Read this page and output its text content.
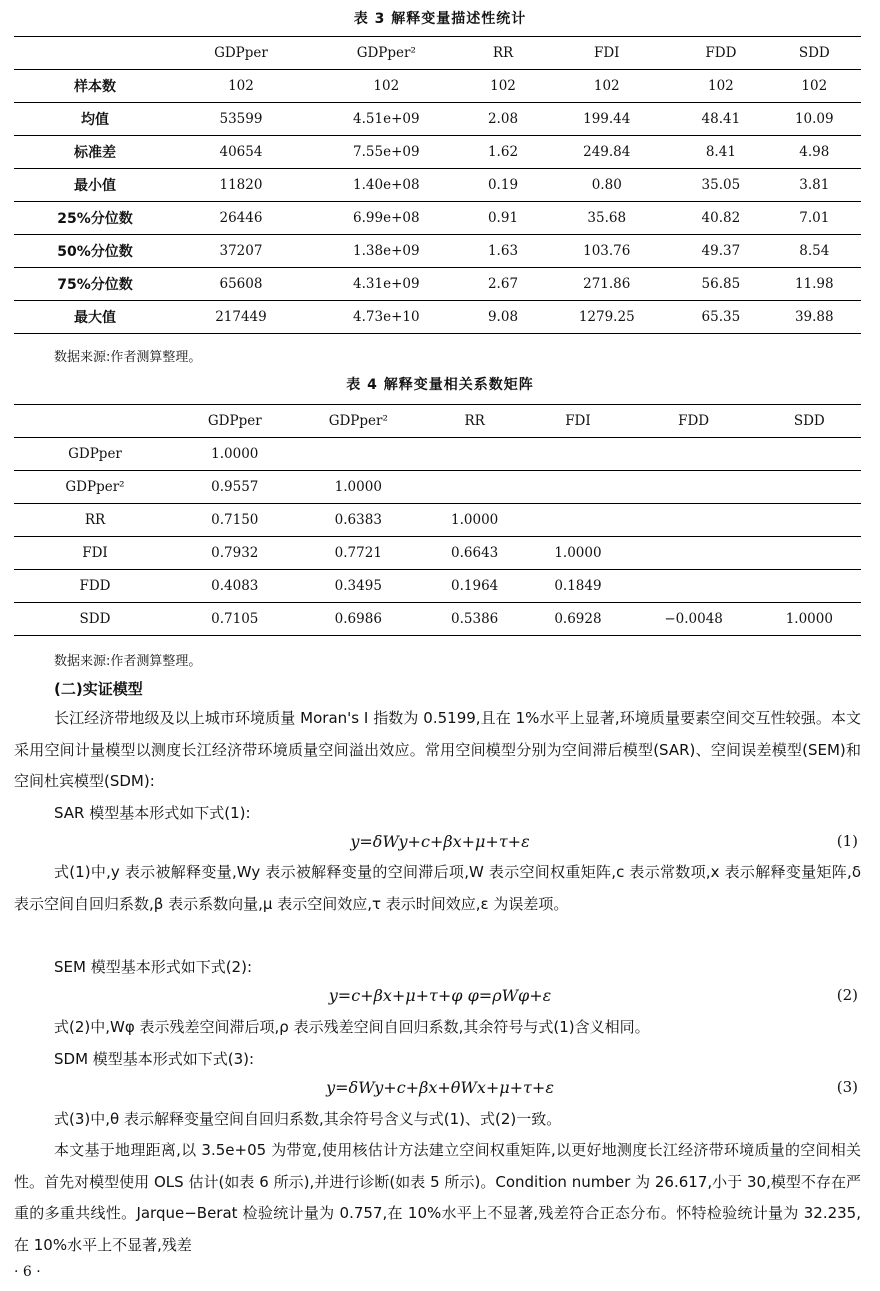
表 3 解释变量描述性统计
	GDPper	GDPper²	RR	FDI	FDD	SDD
样本数	102	102	102	102	102	102
均值	53599	4.51e+09	2.08	199.44	48.41	10.09
标准差	40654	7.55e+09	1.62	249.84	8.41	4.98
最小值	11820	1.40e+08	0.19	0.80	35.05	3.81
25%分位数	26446	6.99e+08	0.91	35.68	40.82	7.01
50%分位数	37207	1.38e+09	1.63	103.76	49.37	8.54
75%分位数	65608	4.31e+09	2.67	271.86	56.85	11.98
最大值	217449	4.73e+10	9.08	1279.25	65.35	39.88
数据来源:作者测算整理。
表 4 解释变量相关系数矩阵
	GDPper	GDPper²	RR	FDI	FDD	SDD
GDPper	1.0000					
GDPper²	0.9557	1.0000				
RR	0.7150	0.6383	1.0000			
FDI	0.7932	0.7721	0.6643	1.0000		
FDD	0.4083	0.3495	0.1964	0.1849		
SDD	0.7105	0.6986	0.5386	0.6928	−0.0048	1.0000
数据来源:作者测算整理。
(二)实证模型
长江经济带地级及以上城市环境质量 Moran's I 指数为 0.5199,且在 1%水平上显著,环境质量要素空间交互性较强。本文采用空间计量模型以测度长江经济带环境质量空间溢出效应。常用空间模型分别为空间滞后模型(SAR)、空间误差模型(SEM)和空间杜宾模型(SDM):
SAR 模型基本形式如下式(1):
y=δWy+c+βx+μ+τ+ε	(1)
式(1)中,y 表示被解释变量,Wy 表示被解释变量的空间滞后项,W 表示空间权重矩阵,c 表示常数项,x 表示解释变量矩阵,δ 表示空间自回归系数,β 表示系数向量,μ 表示空间效应,τ 表示时间效应,ε 为误差项。
SEM 模型基本形式如下式(2):
y=c+βx+μ+τ+φ φ=ρWφ+ε	(2)
式(2)中,Wφ 表示残差空间滞后项,ρ 表示残差空间自回归系数,其余符号与式(1)含义相同。
SDM 模型基本形式如下式(3):
y=δWy+c+βx+θWx+μ+τ+ε	(3)
式(3)中,θ 表示解释变量空间自回归系数,其余符号含义与式(1)、式(2)一致。
本文基于地理距离,以 3.5e+05 为带宽,使用核估计方法建立空间权重矩阵,以更好地测度长江经济带环境质量的空间相关性。首先对模型使用 OLS 估计(如表 6 所示),并进行诊断(如表 5 所示)。Condition number 为 26.617,小于 30,模型不存在严重的多重共线性。Jarque−Berat 检验统计量为 0.757,在 10%水平上不显著,残差符合正态分布。怀特检验统计量为 32.235,在 10%水平上不显著,残差
· 6 ·
